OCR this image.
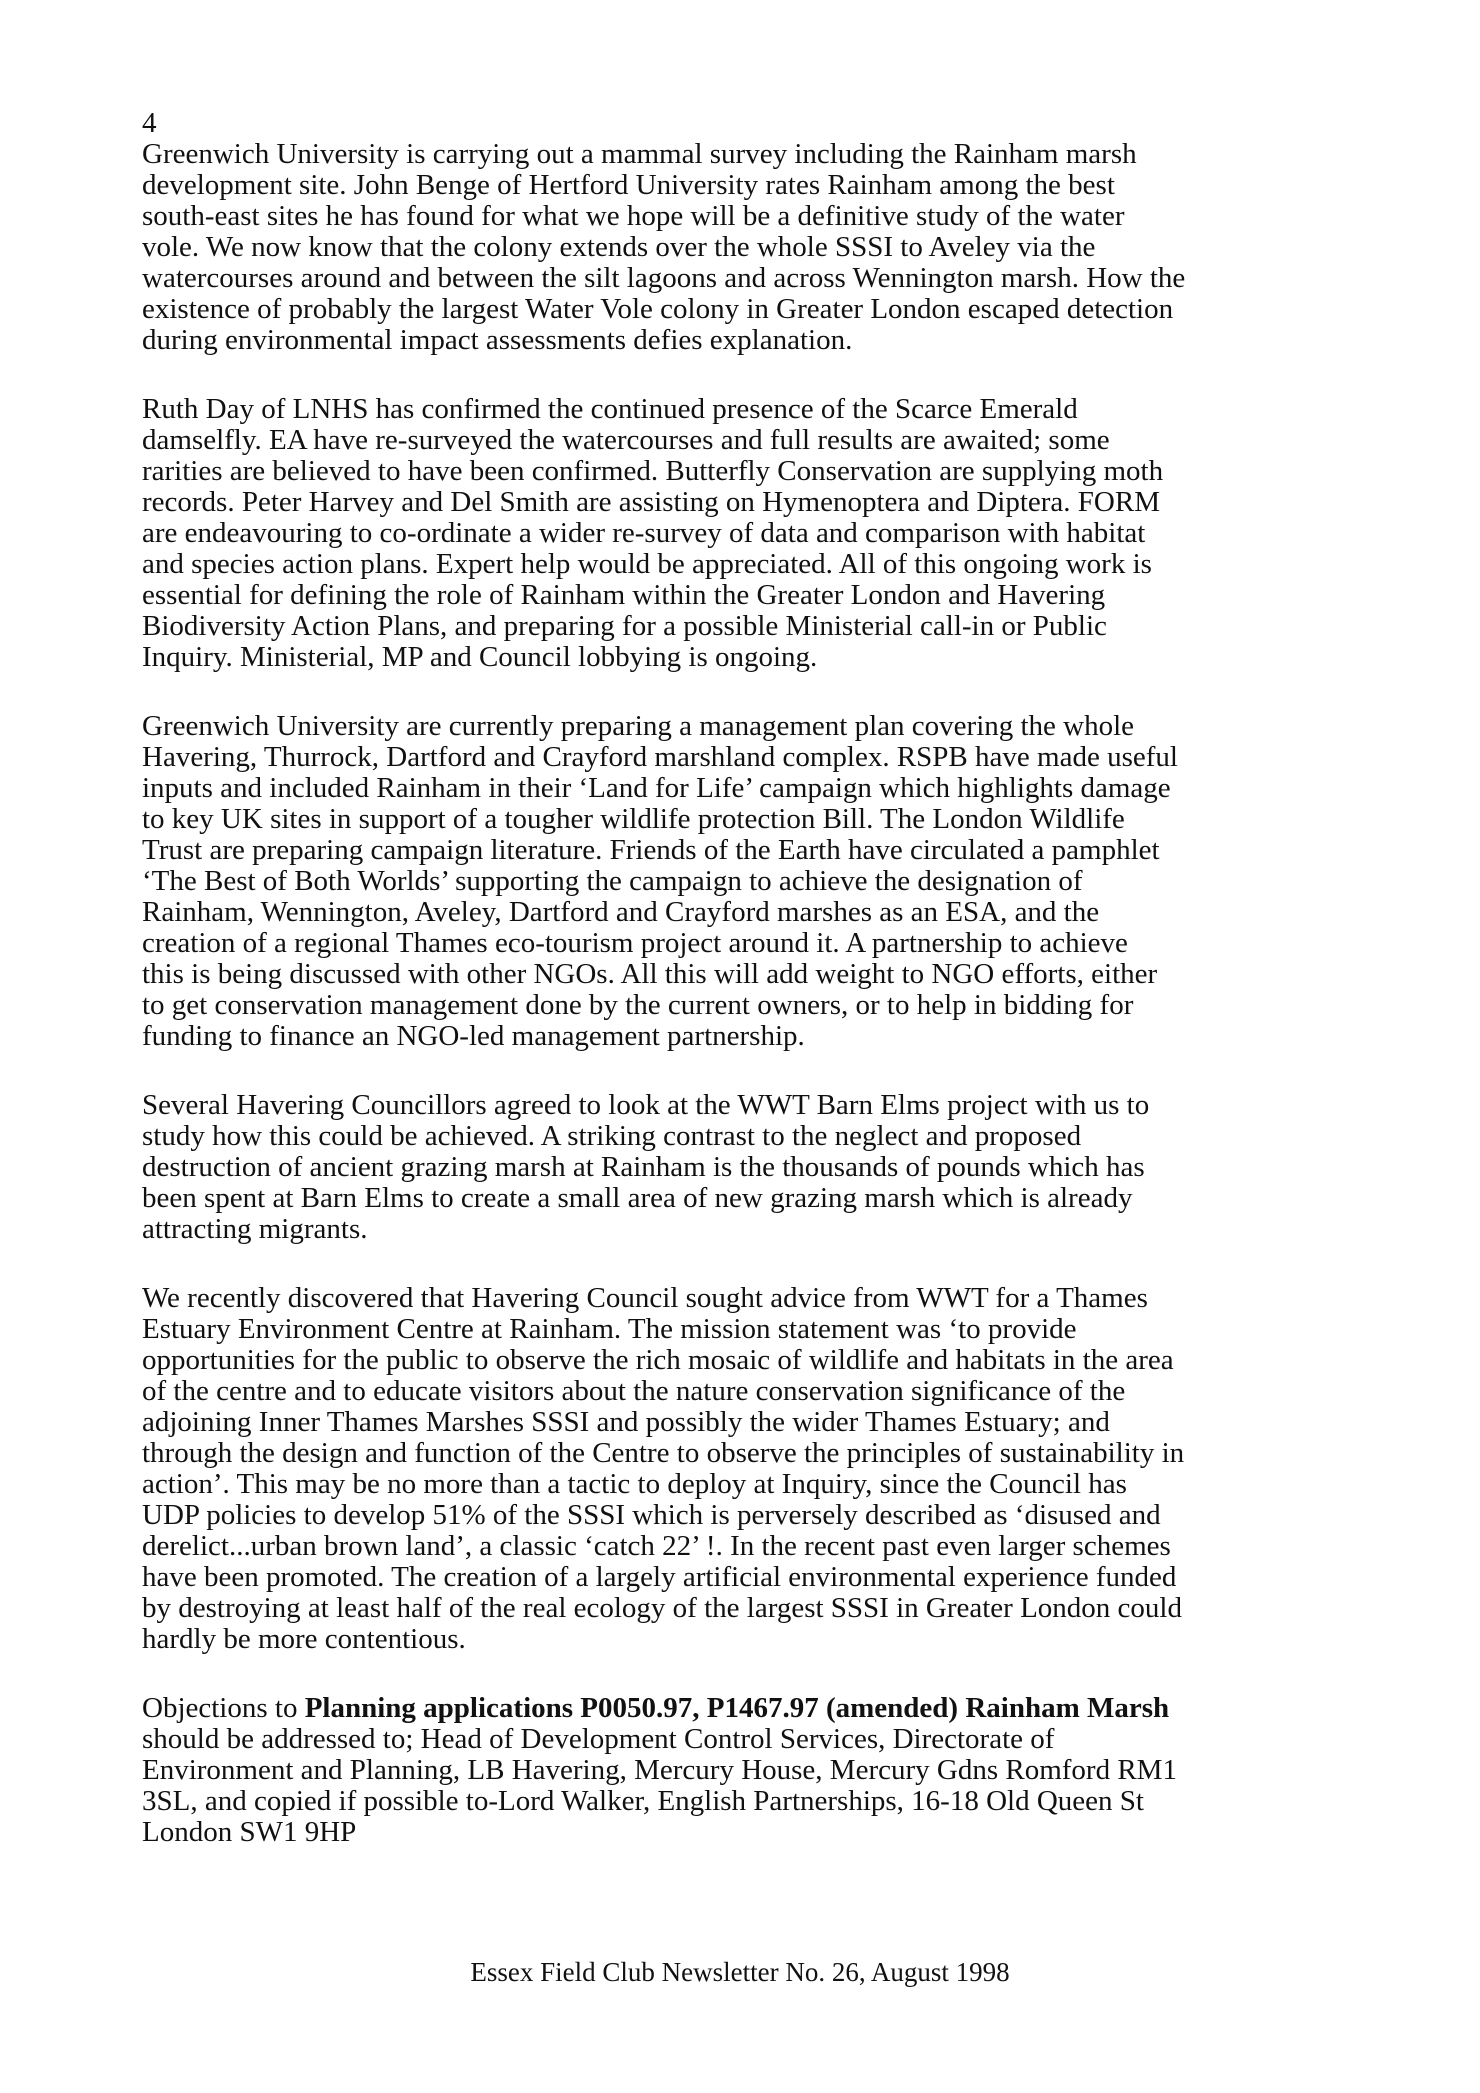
4

Greenwich University is carrying out a mammal survey including the Rainham marsh
development site. John Benge of Hertford University rates Rainham among the best
south-east sites he has found for what we hope will be a definitive study of the water
vole. We now know that the colony extends over the whole SSSI to Aveley via the
watercourses around and between the silt lagoons and across Wennington marsh. How the
existence of probably the largest Water Vole colony in Greater London escaped detection
during environmental impact assessments defies explanation.

Ruth Day of LNHS has confirmed the continued presence of the Scarce Emerald
damselfly. EA have re-surveyed the watercourses and full results are awaited; some
rarities are believed to have been confirmed. Butterfly Conservation are supplying moth
records. Peter Harvey and Del Smith are assisting on Hymenoptera and Diptera. FORM
are endeavouring to co-ordinate a wider re-survey of data and comparison with habitat
and species action plans. Expert help would be appreciated. All of this ongoing work is
essential for defining the role of Rainham within the Greater London and Havering
Biodiversity Action Plans, and preparing for a possible Ministerial call-in or Public
Inquiry. Ministerial, MP and Council lobbying is ongoing.

Greenwich University are currently preparing a management plan covering the whole
Havering, Thurrock, Dartford and Crayford marshland complex. RSPB have made useful
inputs and included Rainham in their ‘Land for Life’ campaign which highlights damage
to key UK sites in support of a tougher wildlife protection Bill. The London Wildlife
Trust are preparing campaign literature. Friends of the Earth have circulated a pamphlet
‘The Best of Both Worlds’ supporting the campaign to achieve the designation of
Rainham, Wennington, Aveley, Dartford and Crayford marshes as an ESA, and the
creation of a regional Thames eco-tourism project around it. A partnership to achieve
this is being discussed with other NGOs. All this will add weight to NGO efforts, either
to get conservation management done by the current owners, or to help in bidding for
funding to finance an NGO-led management partnership.

Several Havering Councillors agreed to look at the WWT Barn Elms project with us to
study how this could be achieved. A striking contrast to the neglect and proposed
destruction of ancient grazing marsh at Rainham is the thousands of pounds which has
been spent at Barn Elms to create a small area of new grazing marsh which is already
attracting migrants.

We recently discovered that Havering Council sought advice from WWT for a Thames
Estuary Environment Centre at Rainham. The mission statement was ‘to provide
opportunities for the public to observe the rich mosaic of wildlife and habitats in the area
of the centre and to educate visitors about the nature conservation significance of the
adjoining Inner Thames Marshes SSSI and possibly the wider Thames Estuary; and
through the design and function of the Centre to observe the principles of sustainability in
action’. This may be no more than a tactic to deploy at Inquiry, since the Council has
UDP policies to develop 51% of the SSSI which is perversely described as ‘disused and
derelict...urban brown land’, a classic ‘catch 22’ !. In the recent past even larger schemes
have been promoted. The creation of a largely artificial environmental experience funded
by destroying at least half of the real ecology of the largest SSSI in Greater London could
hardly be more contentious.

Objections to Planning applications P0050.97, P1467.97 (amended) Rainham Marsh
should be addressed to; Head of Development Control Services, Directorate of
Environment and Planning, LB Havering, Mercury House, Mercury Gdns Romford RM1
3SL, and copied if possible to-Lord Walker, English Partnerships, 16-18 Old Queen St
London SW1 9HP

Essex Field Club Newsletter No. 26, August 1998
